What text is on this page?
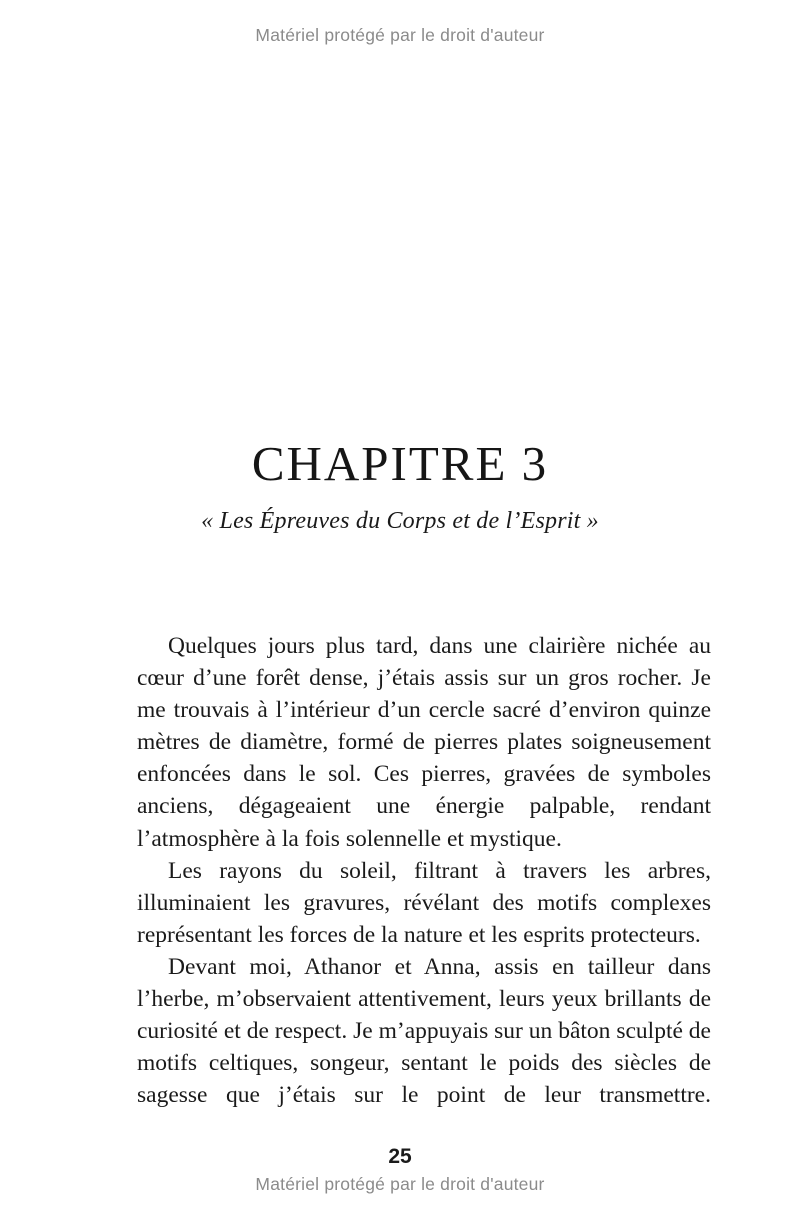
Matériel protégé par le droit d'auteur
CHAPITRE 3
« Les Épreuves du Corps et de l’Esprit »

Quelques jours plus tard, dans une clairière nichée au cœur d’une forêt dense, j’étais assis sur un gros rocher. Je me trouvais à l’intérieur d’un cercle sacré d’environ quinze mètres de diamètre, formé de pierres plates soigneusement enfoncées dans le sol. Ces pierres, gravées de symboles anciens, dégageaient une énergie palpable, rendant l’atmosphère à la fois solennelle et mystique.

Les rayons du soleil, filtrant à travers les arbres, illuminaient les gravures, révélant des motifs complexes représentant les forces de la nature et les esprits protecteurs.

Devant moi, Athanor et Anna, assis en tailleur dans l’herbe, m’observaient attentivement, leurs yeux brillants de curiosité et de respect. Je m’appuyais sur un bâton sculpté de motifs celtiques, songeur, sentant le poids des siècles de sagesse que j’étais sur le point de leur transmettre.

25
Matériel protégé par le droit d'auteur
